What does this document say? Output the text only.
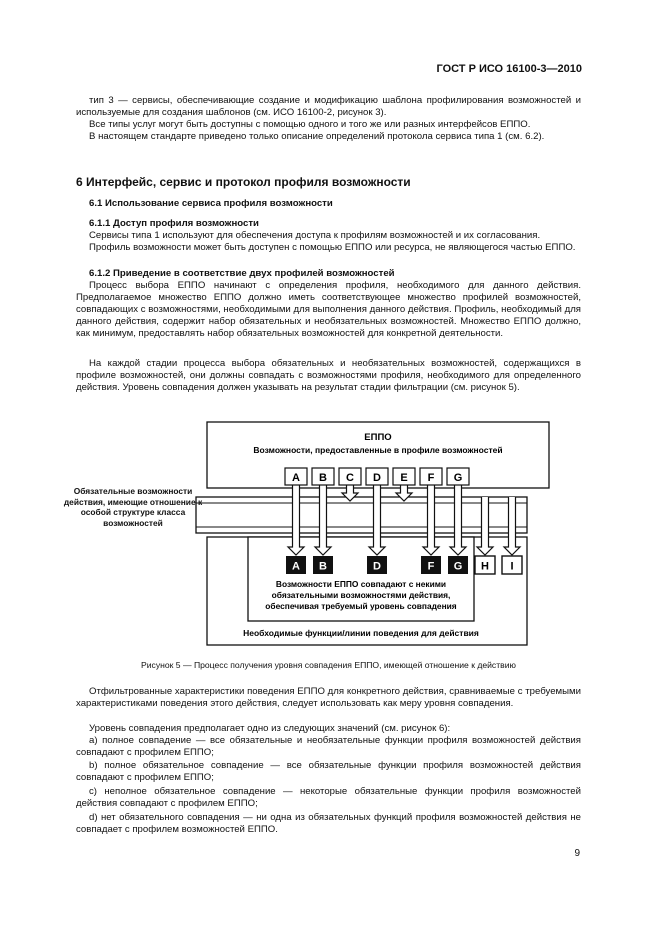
ГОСТ Р ИСО 16100-3—2010
тип 3 — сервисы, обеспечивающие создание и модификацию шаблона профилирования возможностей и используемые для создания шаблонов (см. ИСО 16100-2, рисунок 3).
Все типы услуг могут быть доступны с помощью одного и того же или разных интерфейсов ЕППО.
В настоящем стандарте приведено только описание определений протокола сервиса типа 1 (см. 6.2).
6 Интерфейс, сервис и протокол профиля возможности
6.1 Использование сервиса профиля возможности
6.1.1 Доступ профиля возможности
Сервисы типа 1 используют для обеспечения доступа к профилям возможностей и их согласования.
Профиль возможности может быть доступен с помощью ЕППО или ресурса, не являющегося частью ЕППО.
6.1.2 Приведение в соответствие двух профилей возможностей
Процесс выбора ЕППО начинают с определения профиля, необходимого для данного действия. Предполагаемое множество ЕППО должно иметь соответствующее множество профилей возможностей, совпадающих с возможностями, необходимыми для выполнения данного действия. Профиль, необходимый для данного действия, содержит набор обязательных и необязательных возможностей. Множество ЕППО должно, как минимум, предоставлять набор обязательных возможностей для конкретной деятельности.
На каждой стадии процесса выбора обязательных и необязательных возможностей, содержащихся в профиле возможностей, они должны совпадать с возможностями профиля, необходимого для определенного действия. Уровень совпадения должен указывать на результат стадии фильтрации (см. рисунок 5).
A B C D E F G
A B	D	F G H I
ЕППО
Возможности, предоставленные в профиле возможностей
Возможности ЕППО совпадают с некими
обязательными возможностями действия,
обеспечивая требуемый уровень совпадения
Необходимые функции/линии поведения для действия
Обязательные возможности действия, имеющие отношение к особой структуре класса возможностей
Рисунок 5 — Процесс получения уровня совпадения ЕППО, имеющей отношение к действию
Отфильтрованные характеристики поведения ЕППО для конкретного действия, сравниваемые с требуемыми характеристиками поведения этого действия, следует использовать как меру уровня совпадения.
Уровень совпадения предполагает одно из следующих значений (см. рисунок 6):
a) полное совпадение — все обязательные и необязательные функции профиля возможностей действия совпадают с профилем ЕППО;
b) полное обязательное совпадение — все обязательные функции профиля возможностей действия совпадают с профилем ЕППО;
c) неполное обязательное совпадение — некоторые обязательные функции профиля возможностей действия совпадают с профилем ЕППО;
d) нет обязательного совпадения — ни одна из обязательных функций профиля возможностей действия не совпадает с профилем возможностей ЕППО.
9
